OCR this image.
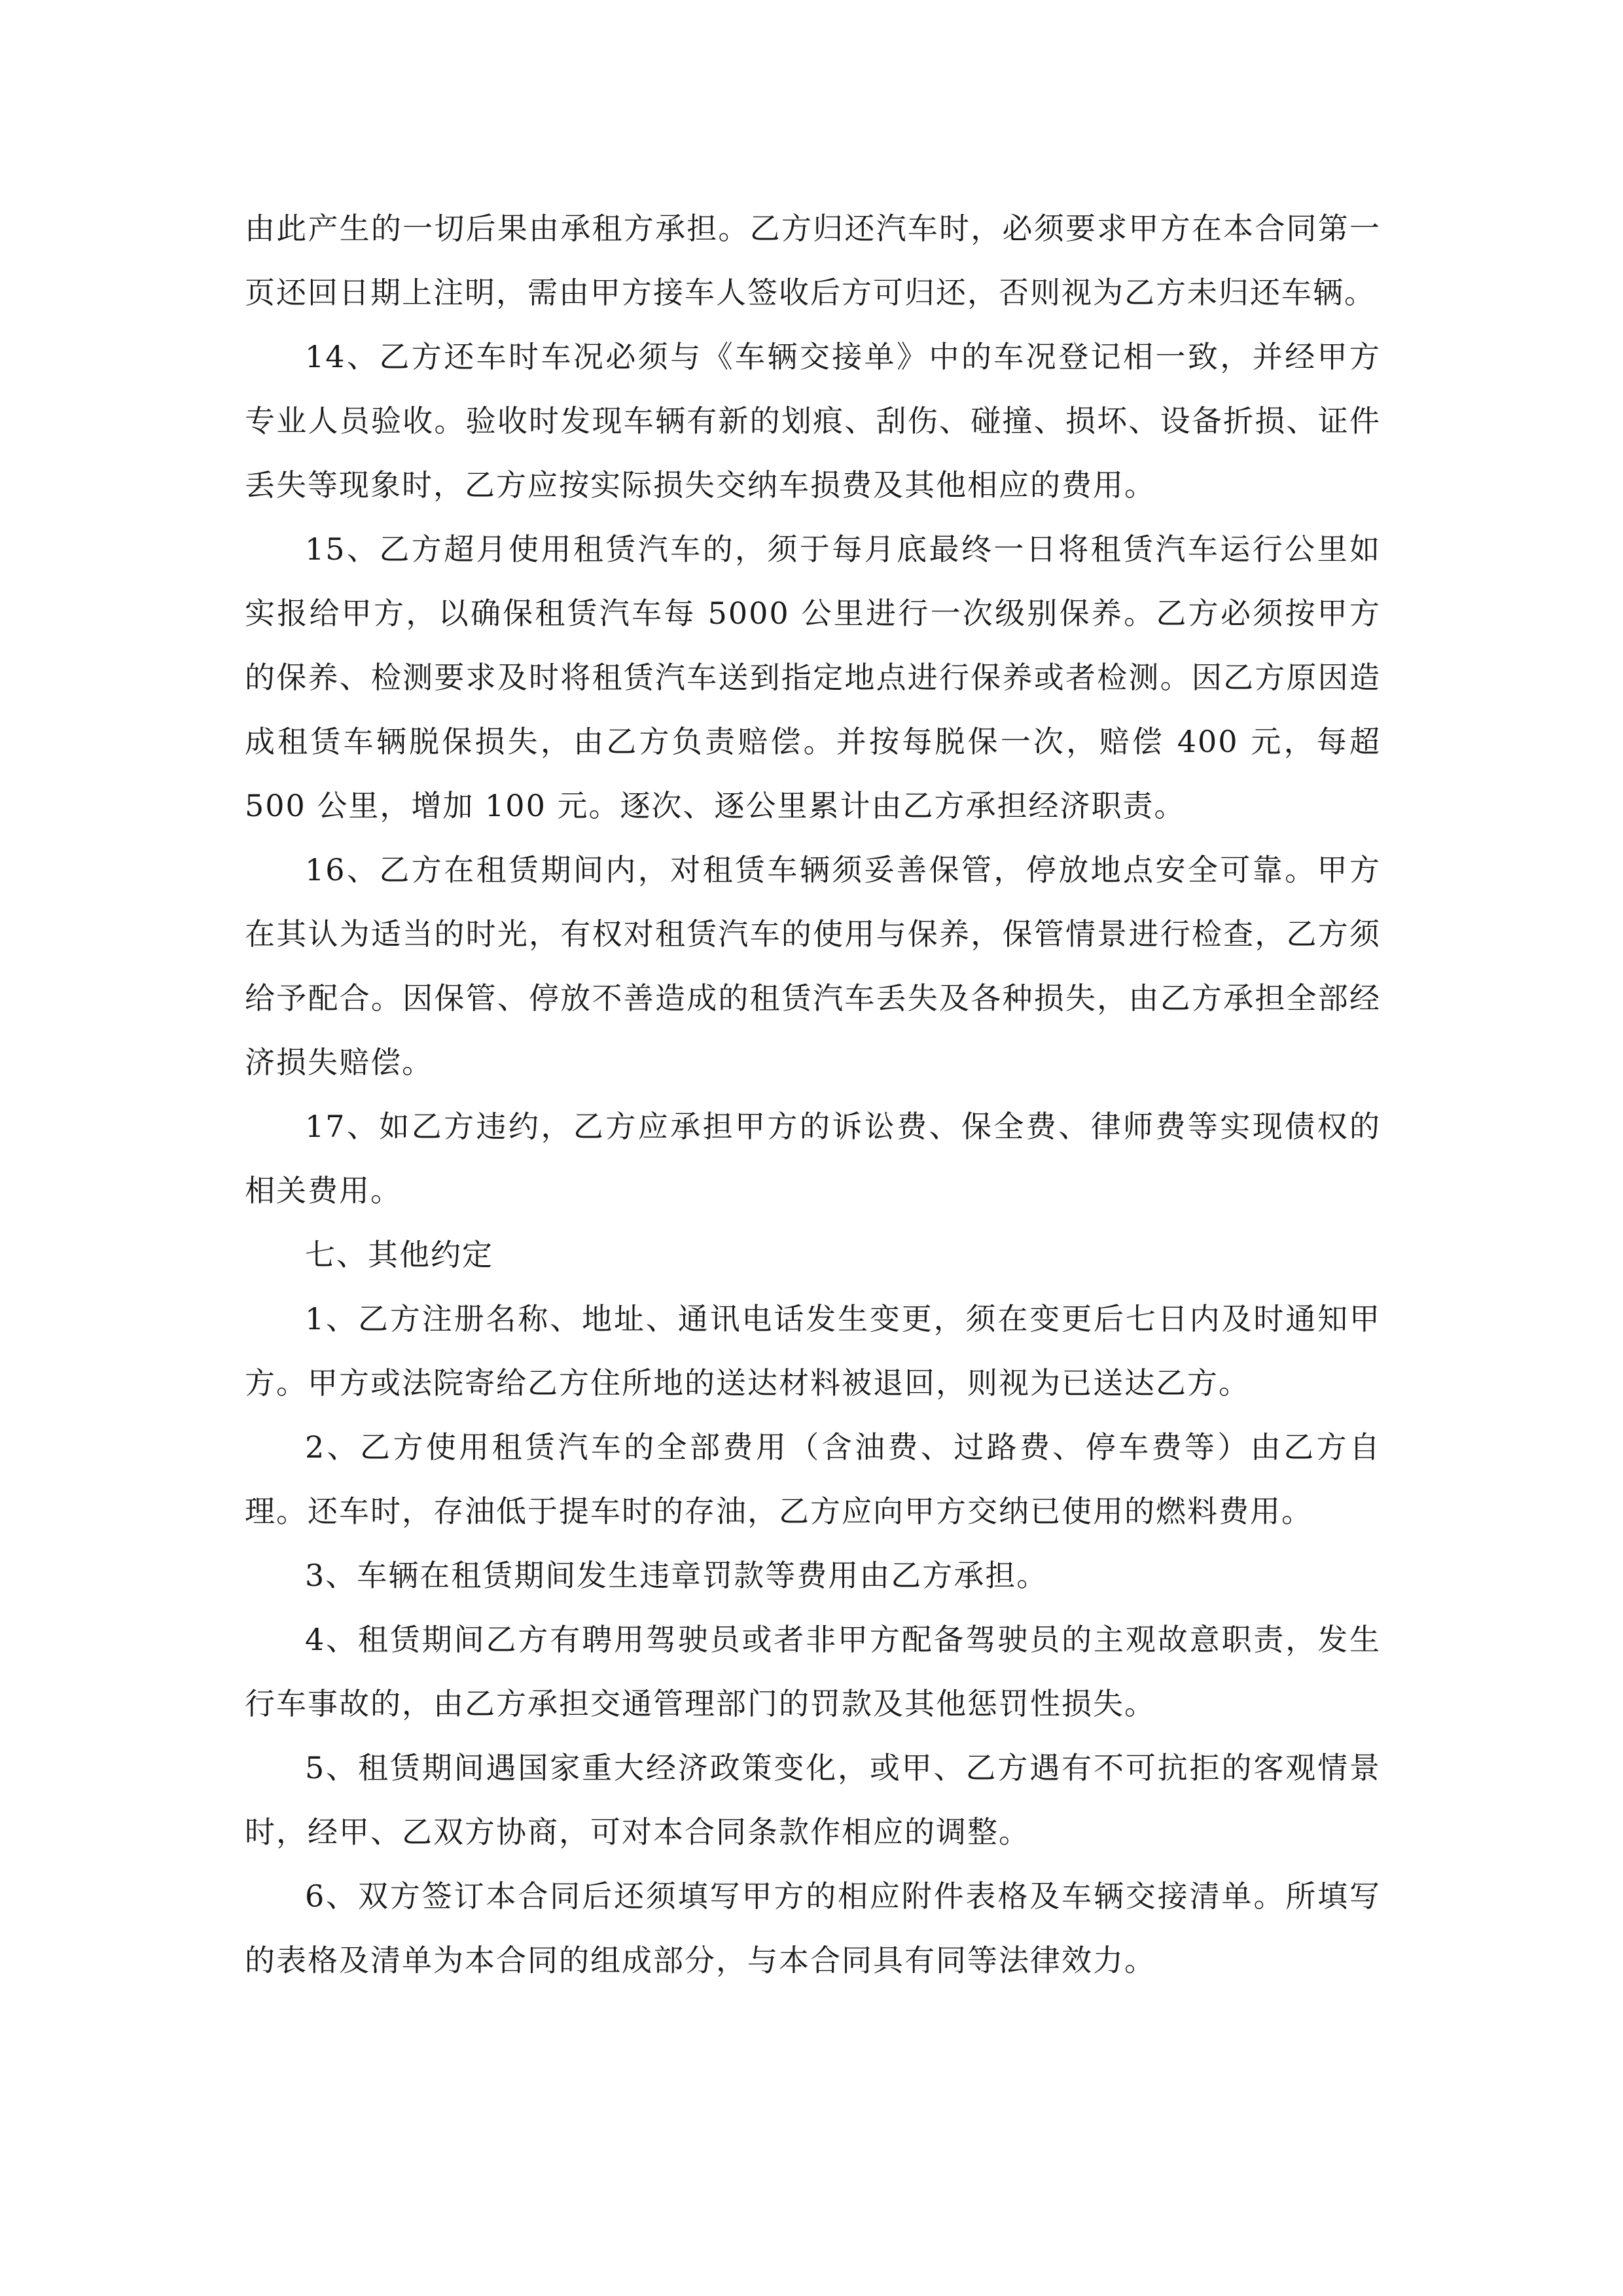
由此产生的一切后果由承租方承担。乙方归还汽车时，必须要求甲方在本合同第一页还回日期上注明，需由甲方接车人签收后方可归还，否则视为乙方未归还车辆。

14、乙方还车时车况必须与《车辆交接单》中的车况登记相一致，并经甲方专业人员验收。验收时发现车辆有新的划痕、刮伤、碰撞、损坏、设备折损、证件丢失等现象时，乙方应按实际损失交纳车损费及其他相应的费用。

15、乙方超月使用租赁汽车的，须于每月底最终一日将租赁汽车运行公里如实报给甲方，以确保租赁汽车每 5000 公里进行一次级别保养。乙方必须按甲方的保养、检测要求及时将租赁汽车送到指定地点进行保养或者检测。因乙方原因造成租赁车辆脱保损失，由乙方负责赔偿。并按每脱保一次，赔偿 400 元，每超 500 公里，增加 100 元。逐次、逐公里累计由乙方承担经济职责。

16、乙方在租赁期间内，对租赁车辆须妥善保管，停放地点安全可靠。甲方在其认为适当的时光，有权对租赁汽车的使用与保养，保管情景进行检查，乙方须给予配合。因保管、停放不善造成的租赁汽车丢失及各种损失，由乙方承担全部经济损失赔偿。

17、如乙方违约，乙方应承担甲方的诉讼费、保全费、律师费等实现债权的相关费用。

七、其他约定

1、乙方注册名称、地址、通讯电话发生变更，须在变更后七日内及时通知甲方。甲方或法院寄给乙方住所地的送达材料被退回，则视为已送达乙方。

2、乙方使用租赁汽车的全部费用（含油费、过路费、停车费等）由乙方自理。还车时，存油低于提车时的存油，乙方应向甲方交纳已使用的燃料费用。

3、车辆在租赁期间发生违章罚款等费用由乙方承担。

4、租赁期间乙方有聘用驾驶员或者非甲方配备驾驶员的主观故意职责，发生行车事故的，由乙方承担交通管理部门的罚款及其他惩罚性损失。

5、租赁期间遇国家重大经济政策变化，或甲、乙方遇有不可抗拒的客观情景时，经甲、乙双方协商，可对本合同条款作相应的调整。

6、双方签订本合同后还须填写甲方的相应附件表格及车辆交接清单。所填写的表格及清单为本合同的组成部分，与本合同具有同等法律效力。
